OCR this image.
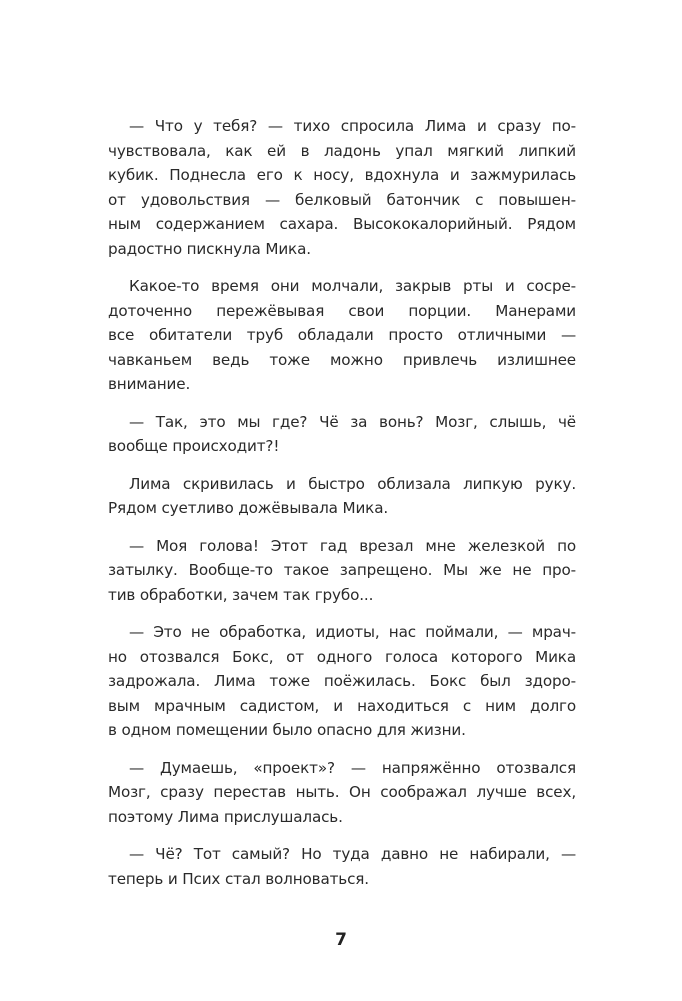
— Что у тебя? — тихо спросила Лима и сразу по-
чувствовала, как ей в ладонь упал мягкий липкий
кубик. Поднесла его к носу, вдохнула и зажмурилась
от удовольствия — белковый батончик с повышен-
ным содержанием сахара. Высококалорийный. Рядом
радостно пискнула Мика.
Какое-то время они молчали, закрыв рты и сосре-
доточенно пережёвывая свои порции. Манерами
все обитатели труб обладали просто отличными —
чавканьем ведь тоже можно привлечь излишнее
внимание.
— Так, это мы где? Чё за вонь? Мозг, слышь, чё
вообще происходит?!
Лима скривилась и быстро облизала липкую руку.
Рядом суетливо дожёвывала Мика.
— Моя голова! Этот гад врезал мне железкой по
затылку. Вообще-то такое запрещено. Мы же не про-
тив обработки, зачем так грубо...
— Это не обработка, идиоты, нас поймали, — мрач-
но отозвался Бокс, от одного голоса которого Мика
задрожала. Лима тоже поёжилась. Бокс был здоро-
вым мрачным садистом, и находиться с ним долго
в одном помещении было опасно для жизни.
— Думаешь, «проект»? — напряжённо отозвался
Мозг, сразу перестав ныть. Он соображал лучше всех,
поэтому Лима прислушалась.
— Чё? Тот самый? Но туда давно не набирали, —
теперь и Псих стал волноваться.
7
